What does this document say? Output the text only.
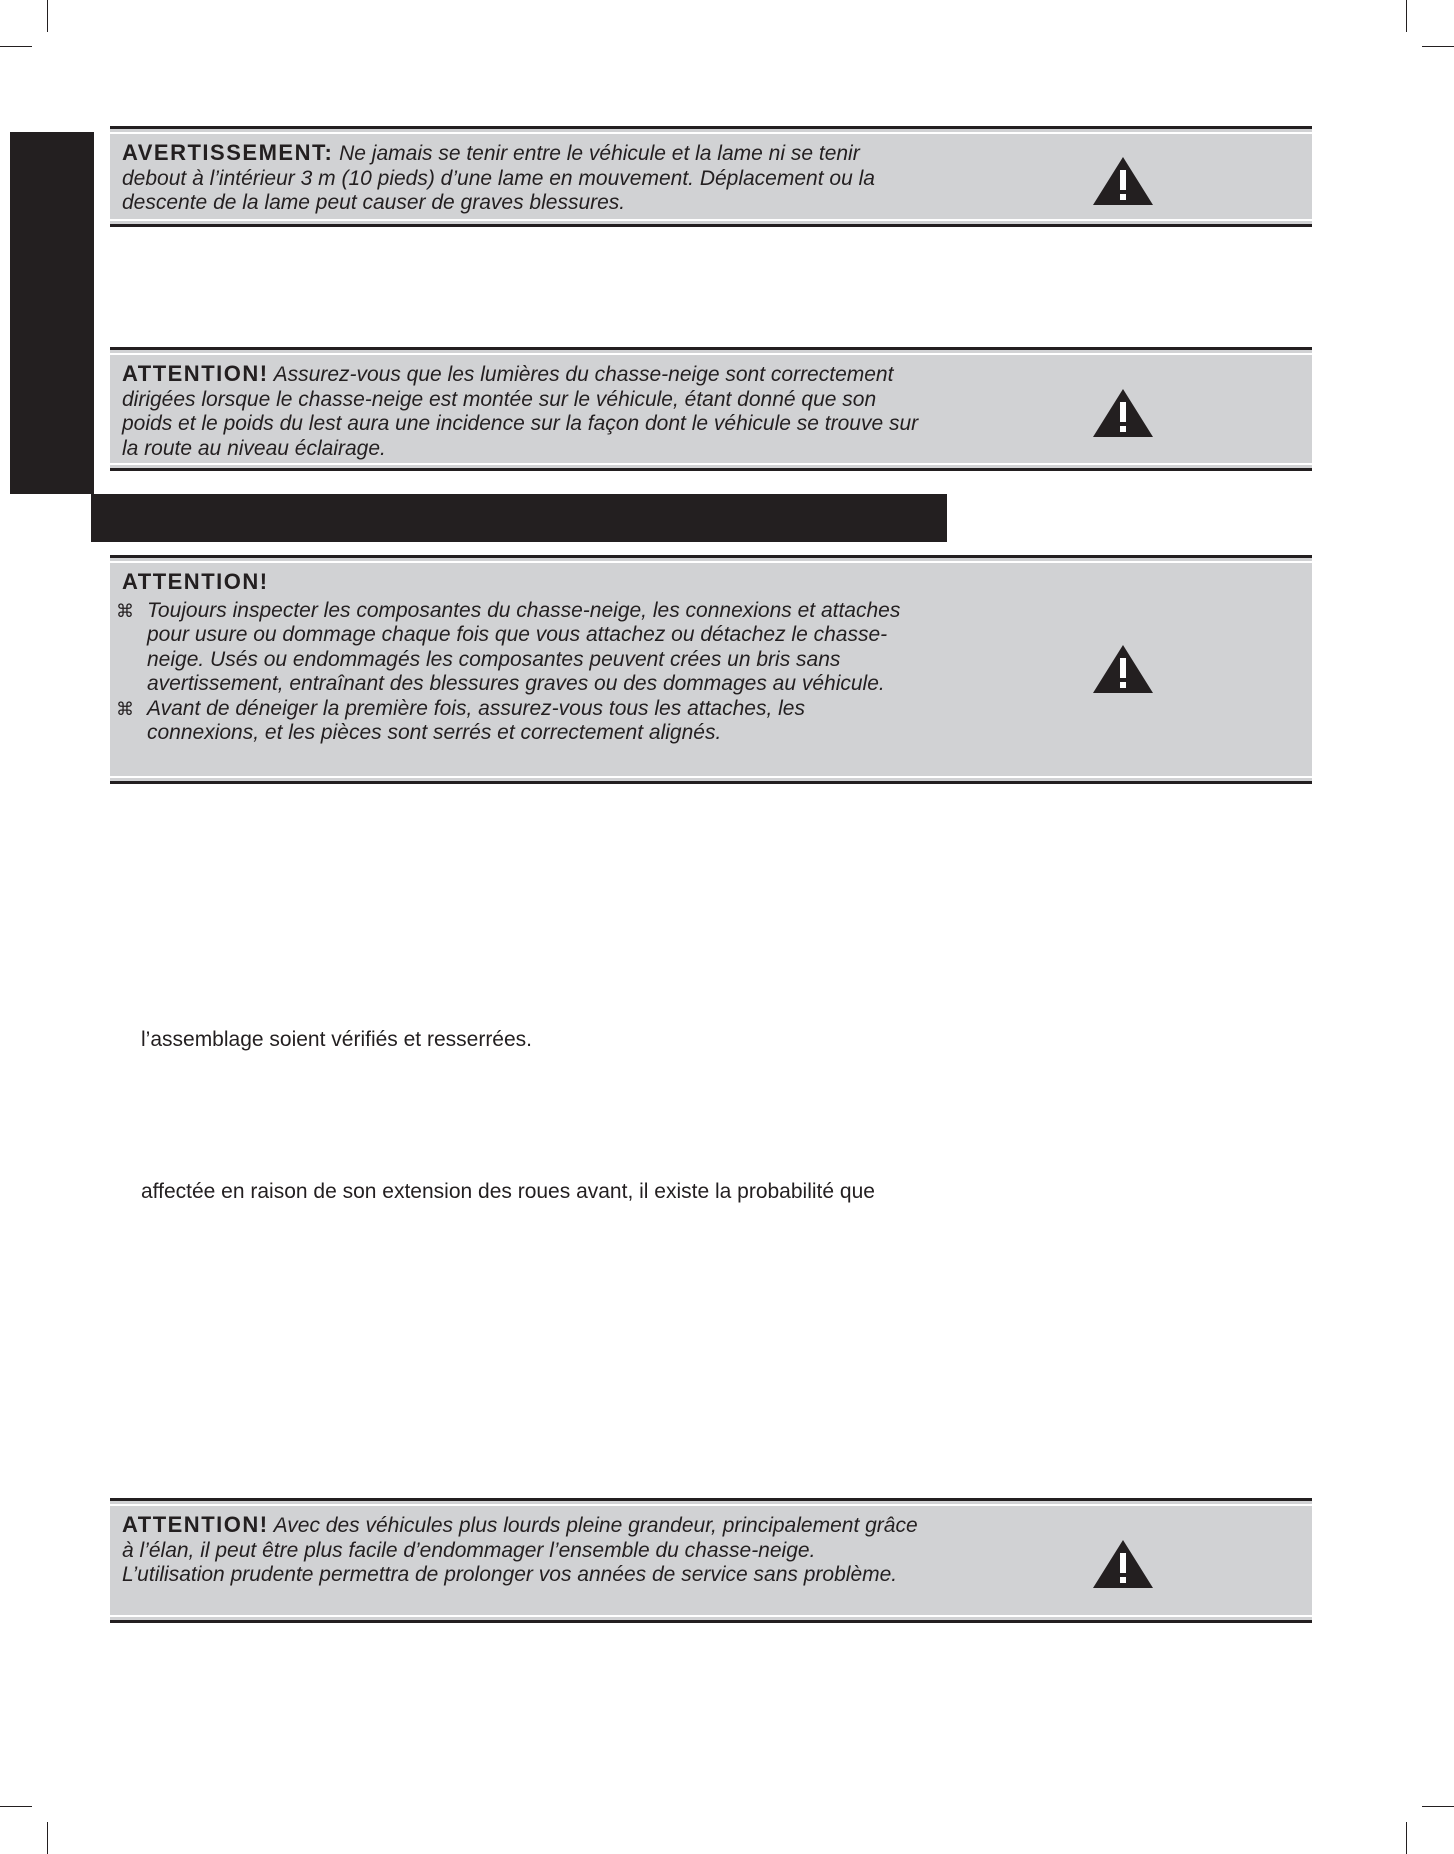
AVERTISSEMENT: Ne jamais se tenir entre le véhicule et la lame ni se tenir debout à l’intérieur 3 m (10 pieds) d’une lame en mouvement. Déplacement ou la descente de la lame peut causer de graves blessures.
ATTENTION! Assurez-vous que les lumières du chasse-neige sont correctement dirigées lorsque le chasse-neige est montée sur le véhicule, étant donné que son poids et le poids du lest aura une incidence sur la façon dont le véhicule se trouve sur la route au niveau éclairage.
ATTENTION!
⌘ Toujours inspecter les composantes du chasse-neige, les connexions et attaches pour usure ou dommage chaque fois que vous attachez ou détachez le chasse-neige. Usés ou endommagés les composantes peuvent crées un bris sans avertissement, entraînant des blessures graves ou des dommages au véhicule.
⌘ Avant de déneiger la première fois, assurez-vous tous les attaches, les connexions, et les pièces sont serrés et correctement alignés.
l’assemblage soient vérifiés et resserrées.
affectée en raison de son extension des roues avant, il existe la probabilité que
ATTENTION! Avec des véhicules plus lourds pleine grandeur, principalement grâce à l’élan, il peut être plus facile d’endommager l’ensemble du chasse-neige. L’utilisation prudente permettra de prolonger vos années de service sans problème.
